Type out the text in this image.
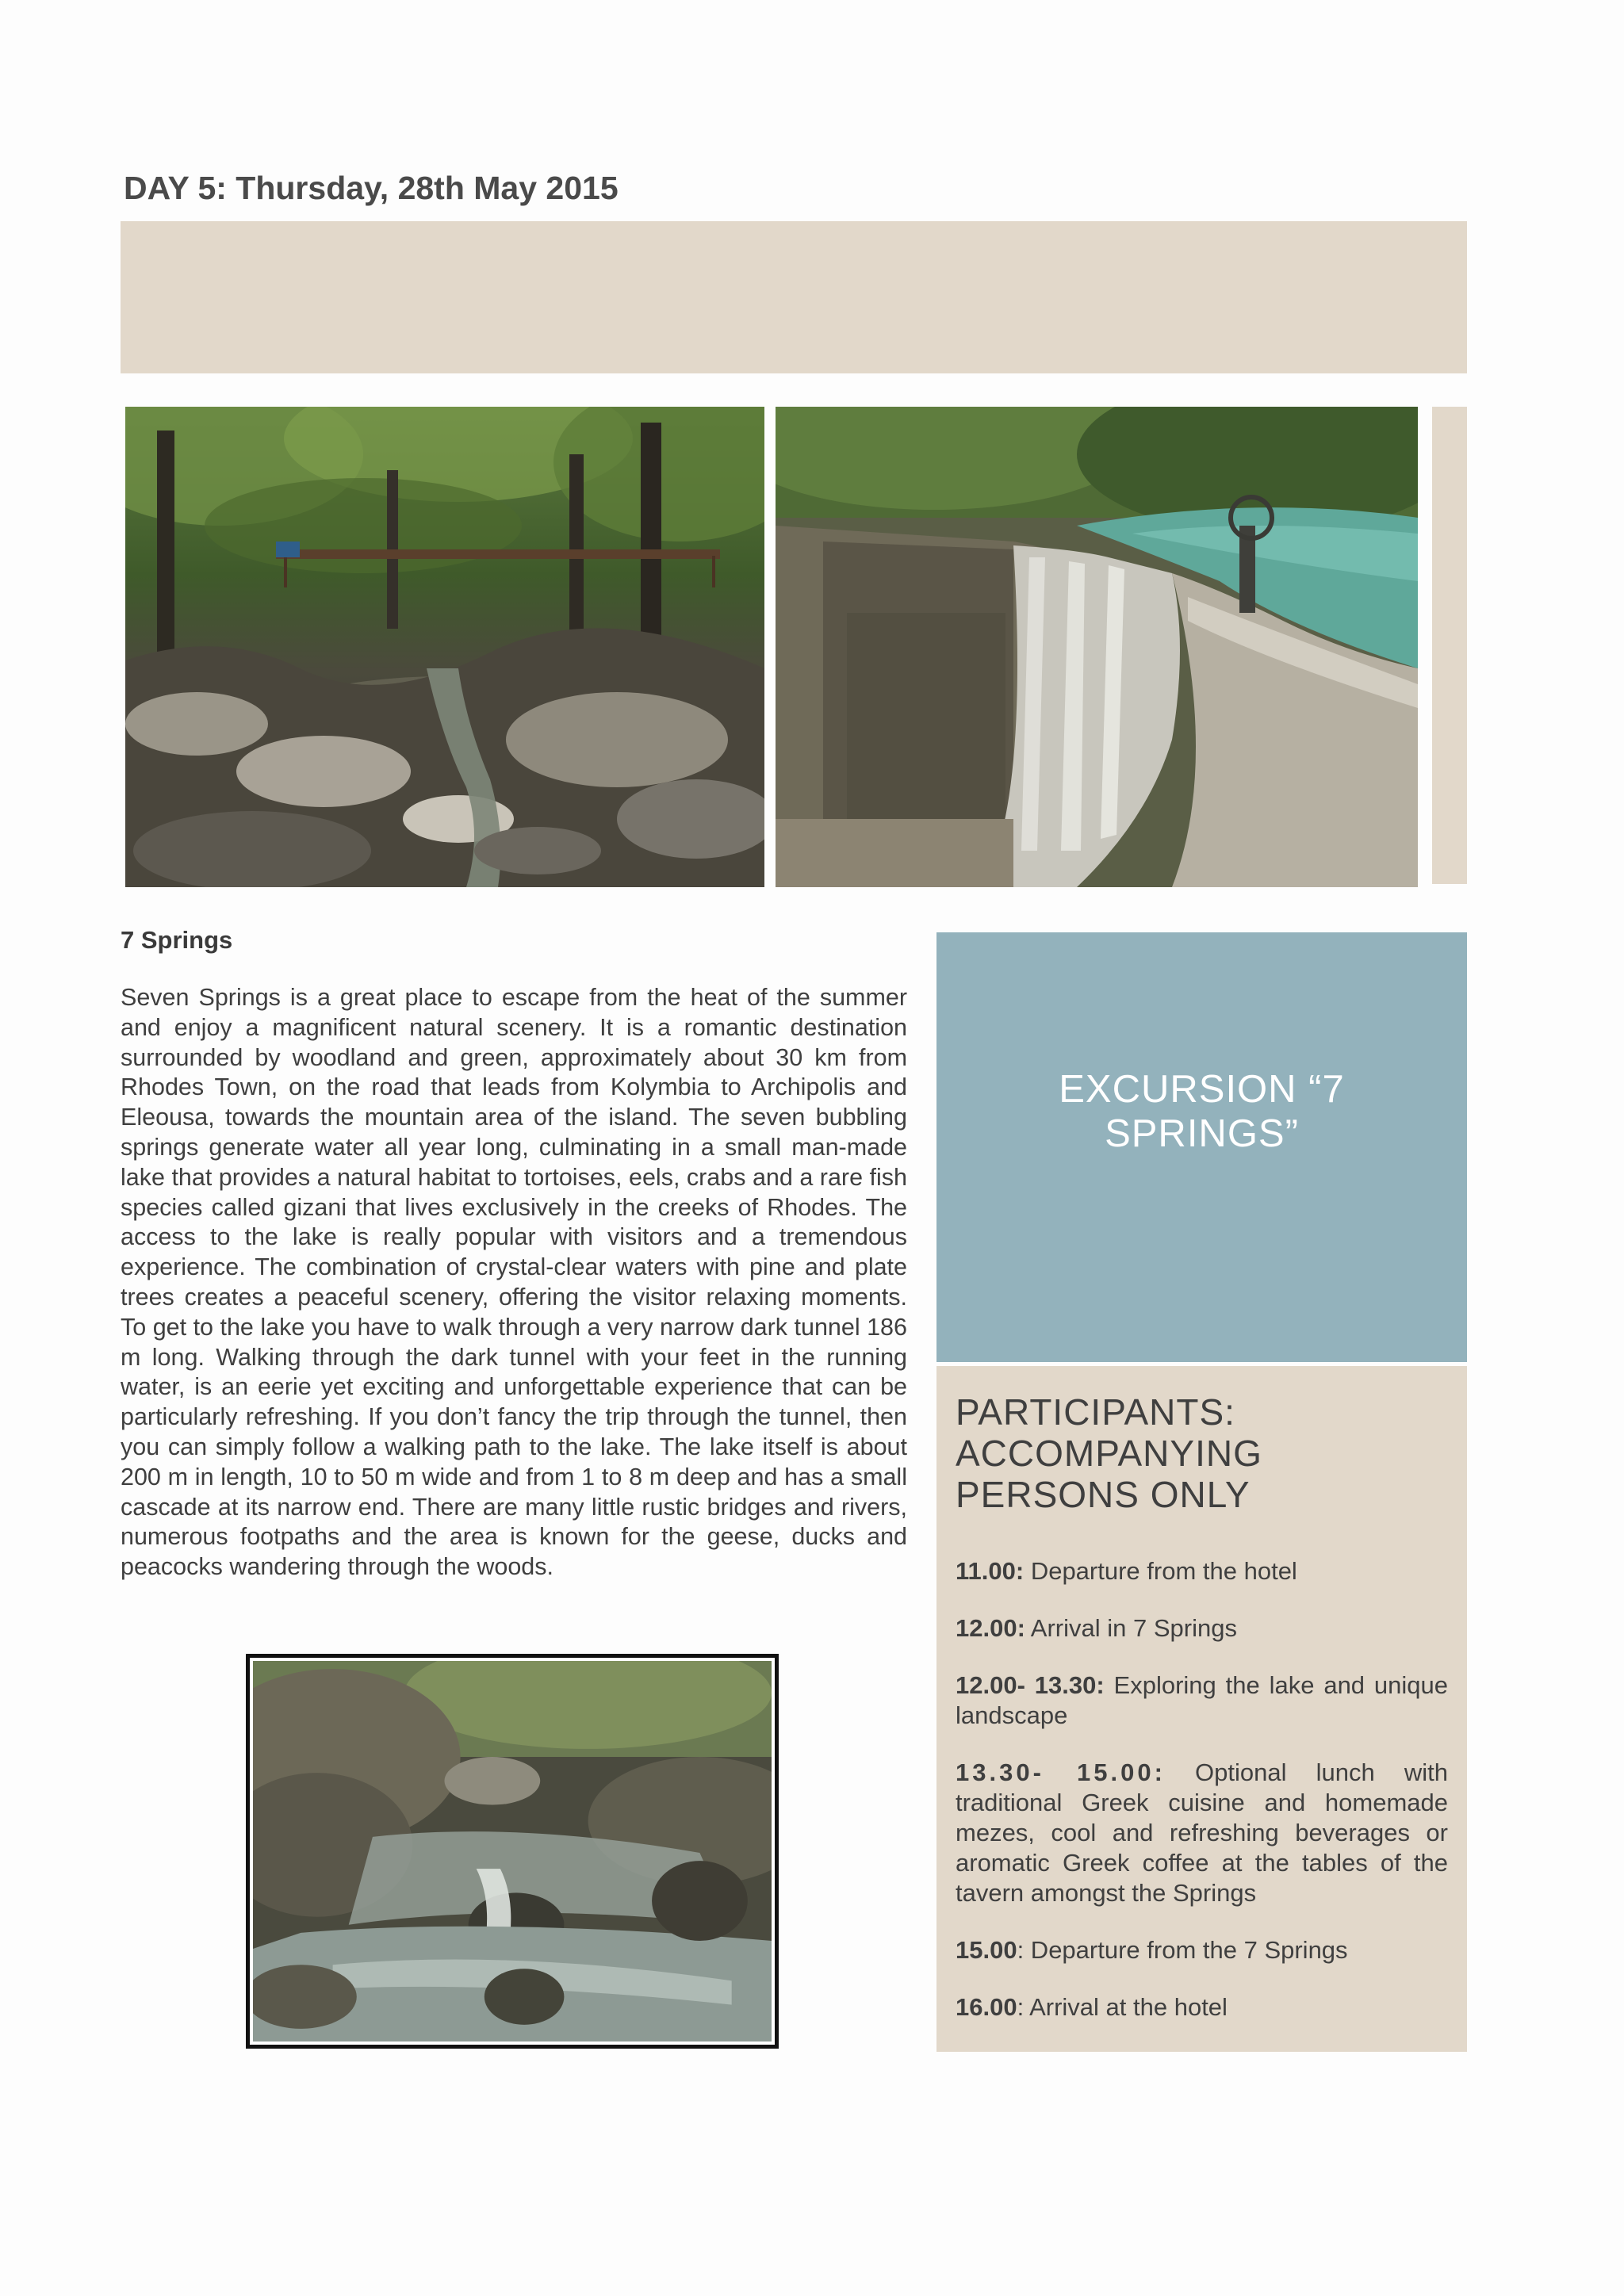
DAY 5: Thursday, 28th May 2015
7 Springs

Seven Springs is a great place to escape from the heat of the summer and enjoy a magnificent natural scenery. It is a romantic destination surrounded by woodland and green, approximately about 30 km from Rhodes Town, on the road that leads from Kolymbia to Archipolis and Eleousa, towards the mountain area of the island. The seven bubbling springs generate water all year long, culminating in a small man-made lake that provides a natural habitat to tortoises, eels, crabs and a rare fish species called gizani that lives exclusively in the creeks of Rhodes. The access to the lake is really popular with visitors and a tremendous experience. The combination of crystal-clear waters with pine and plate trees creates a peaceful scenery, offering the visitor relaxing moments. To get to the lake you have to walk through a very narrow dark tunnel 186 m long. Walking through the dark tunnel with your feet in the running water, is an eerie yet exciting and unforgettable experience that can be particularly refreshing. If you don’t fancy the trip through the tunnel, then you can simply follow a walking path to the lake. The lake itself is about 200 m in length, 10 to 50 m wide and from 1 to 8 m deep and has a small cascade at its narrow end. There are many little rustic bridges and rivers, numerous footpaths and the area is known for the geese, ducks and peacocks wandering through the woods.

EXCURSION “7 SPRINGS”
PARTICIPANTS: ACCOMPANYING PERSONS ONLY

11.00: Departure from the hotel

12.00: Arrival in 7 Springs

12.00- 13.30: Exploring the lake and unique landscape

13.30- 15.00: Optional lunch with traditional Greek cuisine and homemade mezes, cool and refreshing beverages or aromatic Greek coffee at the tables of the tavern amongst the Springs

15.00: Departure from the 7 Springs

16.00: Arrival at the hotel
